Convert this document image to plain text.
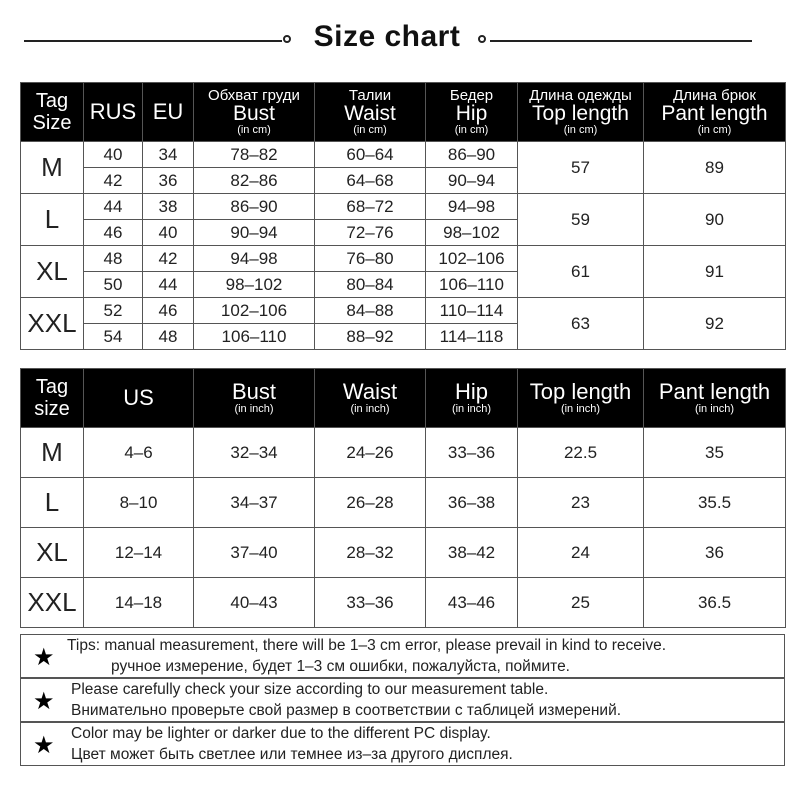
Size chart
Tag
Size	RUS	EU	Обхват груди
Bust
(in cm)	Талии
Waist
(in cm)	Бедер
Hip
(in cm)	Длина одежды
Top length
(in cm)	Длина брюк
Pant length
(in cm)

M	40	34	78–82	60–64	86–90	57	89
	42	36	82–86	64–68	90–94		
L	44	38	86–90	68–72	94–98	59	90
	46	40	90–94	72–76	98–102		
XL	48	42	94–98	76–80	102–106	61	91
	50	44	98–102	80–84	106–110		
XXL	52	46	102–106	84–88	110–114	63	92
	54	48	106–110	88–92	114–118		
Tag
size	US	Bust
(in inch)	Waist
(in inch)	Hip
(in inch)	Top length
(in inch)	Pant length
(in inch)

M	4–6	32–34	24–26	33–36	22.5	35
L	8–10	34–37	26–28	36–38	23	35.5
XL	12–14	37–40	28–32	38–42	24	36
XXL	14–18	40–43	33–36	43–46	25	36.5
★ Tips: manual measurement, there will be 1–3 cm error, please prevail in kind to receive.
ручное измерение, будет 1–3 см ошибки, пожалуйста, поймите.
★ Please carefully check your size according to our measurement table.
Внимательно проверьте свой размер в соответствии с таблицей измерений.
★ Color may be lighter or darker due to the different PC display.
Цвет может быть светлее или темнее из–за другого дисплея.
